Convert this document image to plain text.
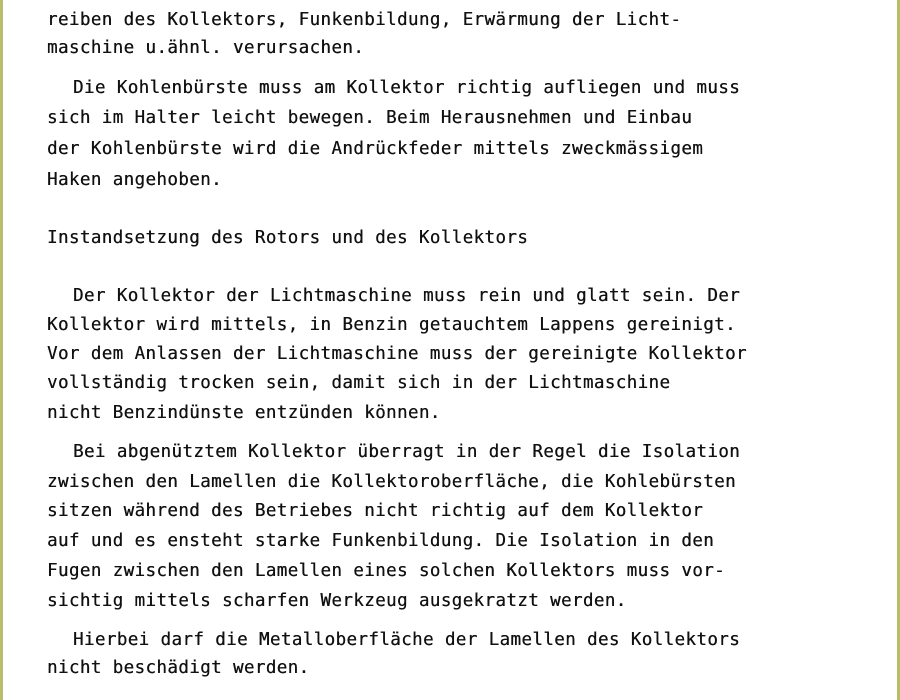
reiben des Kollektors, Funkenbildung, Erwärmung der Licht-

maschine u.ähnl. verursachen.

Die Kohlenbürste muss am Kollektor richtig aufliegen und muss

sich im Halter leicht bewegen. Beim Herausnehmen und Einbau

der Kohlenbürste wird die Andrückfeder mittels zweckmässigem

Haken angehoben.

Instandsetzung des Rotors und des Kollektors

Der Kollektor der Lichtmaschine muss rein und glatt sein. Der

Kollektor wird mittels, in Benzin getauchtem Lappens gereinigt.

Vor dem Anlassen der Lichtmaschine muss der gereinigte Kollektor

vollständig trocken sein, damit sich in der Lichtmaschine

nicht Benzindünste entzünden können.

Bei abgenütztem Kollektor überragt in der Regel die Isolation

zwischen den Lamellen die Kollektoroberfläche, die Kohlebürsten

sitzen während des Betriebes nicht richtig auf dem Kollektor

auf und es ensteht starke Funkenbildung. Die Isolation in den

Fugen zwischen den Lamellen eines solchen Kollektors muss vor-

sichtig mittels scharfen Werkzeug ausgekratzt werden.

Hierbei darf die Metalloberfläche der Lamellen des Kollektors

nicht beschädigt werden.
